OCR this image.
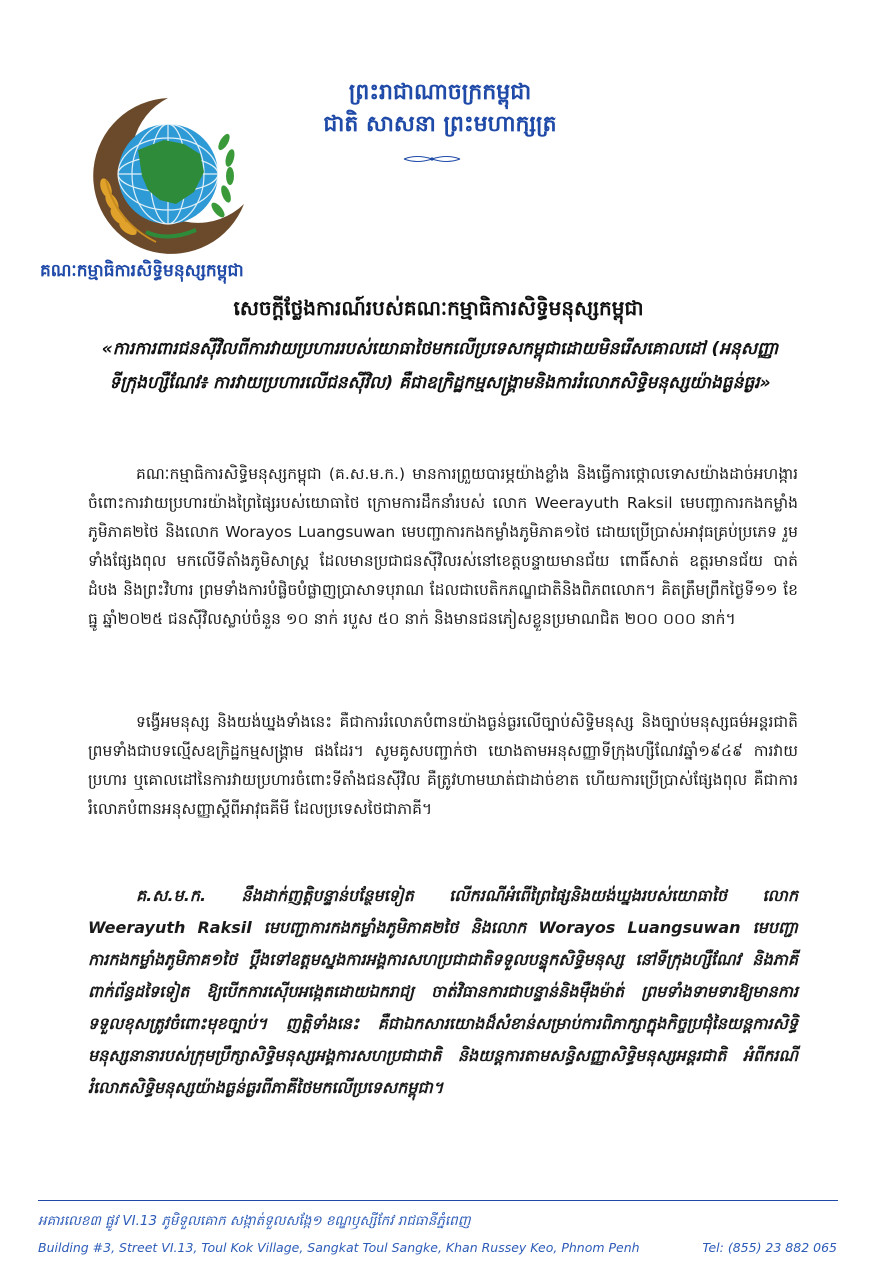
គណៈកម្មាធិការសិទ្ធិមនុស្សកម្ពុជា
ព្រះរាជាណាចក្រកម្ពុជា
ជាតិ សាសនា ព្រះមហាក្សត្រ
សេចក្តីថ្លែងការណ៍របស់គណៈកម្មាធិការសិទ្ធិមនុស្សកម្ពុជា
«ការការពារជនស៊ីវិលពីការវាយប្រហាររបស់យោធាថៃមកលើប្រទេសកម្ពុជាដោយមិនរើសគោលដៅ (អនុសញ្ញាទីក្រុងហ្សឺណែវ៖ ការវាយប្រហារលើជនស៊ីវិល) គឺជាឧក្រិដ្ឋកម្មសង្គ្រាមនិងការរំលោភសិទ្ធិមនុស្សយ៉ាងធ្ងន់ធ្ងរ»
គណៈកម្មាធិការសិទ្ធិមនុស្សកម្ពុជា (គ.ស.ម.ក.) មានការព្រួយបារម្ភយ៉ាងខ្លាំង និងធ្វើការថ្កោលទោសយ៉ាងដាច់អហង្ការចំពោះការវាយប្រហារយ៉ាងព្រៃផ្សៃរបស់យោធាថៃ ក្រោមការដឹកនាំរបស់ លោក Weerayuth Raksil មេបញ្ជាការកងកម្លាំងភូមិភាគ២ថៃ និងលោក Worayos Luangsuwan មេបញ្ជាការកងកម្លាំងភូមិភាគ១ថៃ ដោយប្រើប្រាស់អាវុធគ្រប់ប្រភេទ រួមទាំងផ្សែងពុល មកលើទីតាំងភូមិសាស្ត្រ ដែលមានប្រជាជនស៊ីវិលរស់នៅខេត្តបន្ទាយមានជ័យ ពោធិ៍សាត់ ឧត្តរមានជ័យ បាត់ដំបង និងព្រះវិហារ ព្រមទាំងការបំផ្លិចបំផ្លាញប្រាសាទបុរាណ ដែលជាបេតិកភណ្ឌជាតិនិងពិភពលោក។ គិតត្រឹមព្រឹកថ្ងៃទី១១ ខែធ្នូ ឆ្នាំ២០២៥ ជនស៊ីវិលស្លាប់ចំនួន ១០ នាក់ របួស ៥០ នាក់ និងមានជនភៀសខ្លួនប្រមាណជិត ២០០ ០០០ នាក់។
ទង្វើអមនុស្ស និងយង់ឃ្នងទាំងនេះ គឺជាការរំលោភបំពានយ៉ាងធ្ងន់ធ្ងរលើច្បាប់សិទ្ធិមនុស្ស និងច្បាប់មនុស្សធម៌អន្តរជាតិ ព្រមទាំងជាបទល្មើសឧក្រិដ្ឋកម្មសង្គ្រាម ផងដែរ។ សូមគូសបញ្ជាក់ថា យោងតាមអនុសញ្ញាទីក្រុងហ្សឺណែវឆ្នាំ១៩៤៩ ការវាយប្រហារ ឬគោលដៅនៃការវាយប្រហារចំពោះទីតាំងជនស៊ីវិល គឺត្រូវហាមឃាត់ជាដាច់ខាត ហើយការប្រើប្រាស់ផ្សែងពុល គឺជាការរំលោភបំពានអនុសញ្ញាស្តីពីអាវុធគីមី ដែលប្រទេសថៃជាភាគី។
គ.ស.ម.ក. នឹងដាក់ញត្តិបន្ទាន់បន្ថែមទៀត លើករណីអំពើព្រៃផ្សៃនិងយង់ឃ្នងរបស់យោធាថៃ លោក Weerayuth Raksil មេបញ្ជាការកងកម្លាំងភូមិភាគ២ថៃ និងលោក Worayos Luangsuwan មេបញ្ជាការកងកម្លាំងភូមិភាគ១ថៃ ប្ដឹងទៅឧត្តមស្នងការអង្គការសហប្រជាជាតិទទួលបន្ទុកសិទ្ធិមនុស្ស នៅទីក្រុងហ្សឺណែវ និងភាគីពាក់ព័ន្ធដទៃទៀត ឱ្យបើកការស៊ើបអង្កេតដោយឯករាជ្យ ចាត់វិធានការជាបន្ទាន់និងម៉ឺងម៉ាត់ ព្រមទាំងទាមទារឱ្យមានការទទួលខុសត្រូវចំពោះមុខច្បាប់។ ញត្តិទាំងនេះ គឺជាឯកសារយោងដ៏សំខាន់សម្រាប់ការពិភាក្សាក្នុងកិច្ចប្រជុំនៃយន្តការសិទ្ធិមនុស្សនានារបស់ក្រុមប្រឹក្សាសិទ្ធិមនុស្សអង្គការសហប្រជាជាតិ និងយន្តការតាមសន្ធិសញ្ញាសិទ្ធិមនុស្សអន្តរជាតិ អំពីករណីរំលោភសិទ្ធិមនុស្សយ៉ាងធ្ងន់ធ្ងរពីភាគីថៃមកលើប្រទេសកម្ពុជា។
អគារលេខ៣ ផ្លូវ VI.13 ភូមិទួលគោក សង្កាត់ទួលសង្កែ១ ខណ្ឌឫស្សីកែវ រាជធានីភ្នំពេញ
Building #3, Street VI.13, Toul Kok Village, Sangkat Toul Sangke, Khan Russey Keo, Phnom Penh	Tel: (855) 23 882 065
